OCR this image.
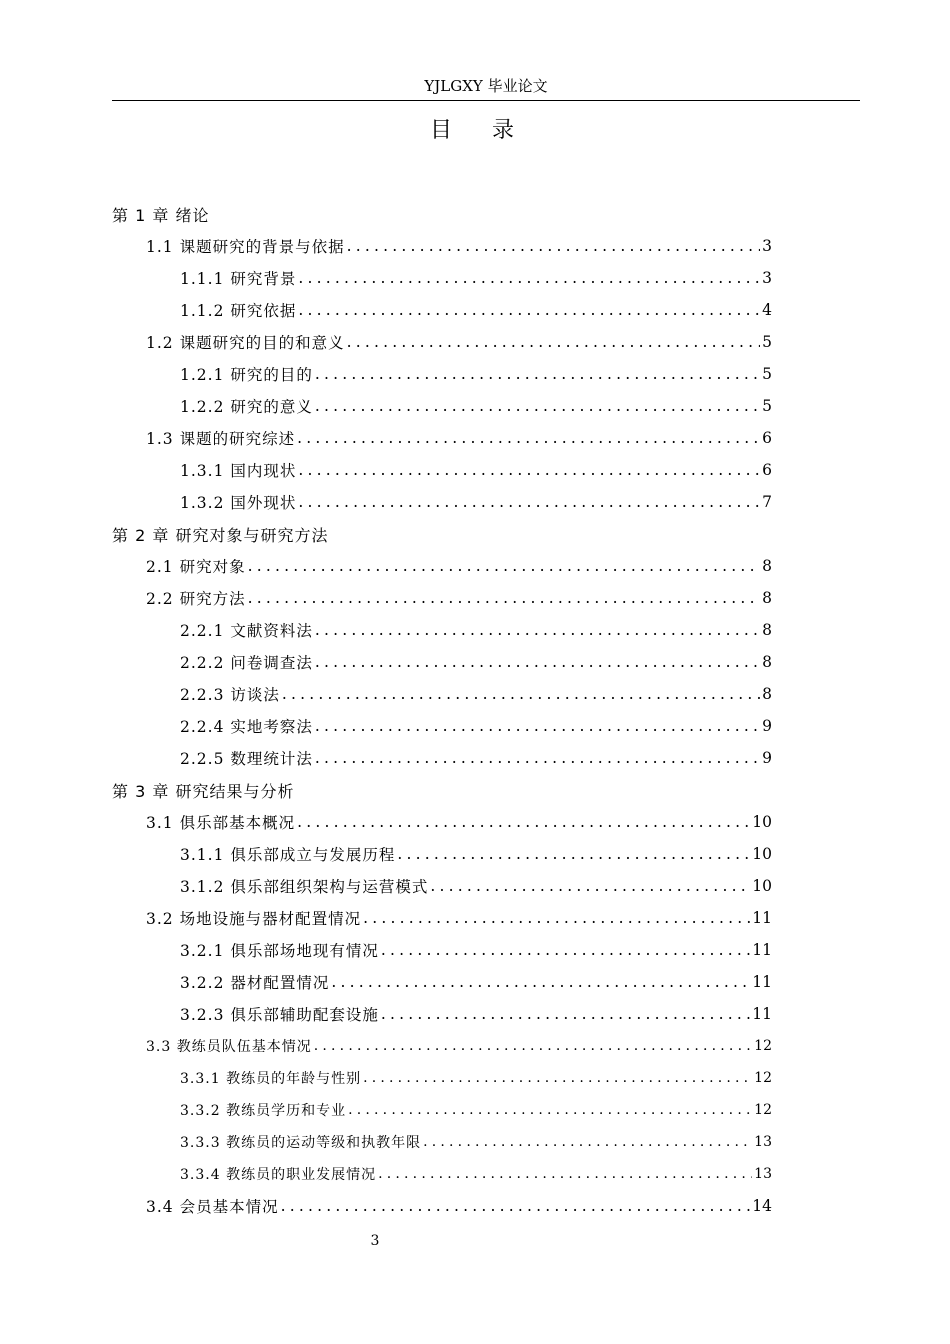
YJLGXY 毕业论文
目录
第 1 章 绪论
1.1 课题研究的背景与依据 .....	3
1.1.1 研究背景 .....	3
1.1.2 研究依据 .....	4
1.2 课题研究的目的和意义 .....	5
1.2.1 研究的目的 .....	5
1.2.2 研究的意义 .....	5
1.3 课题的研究综述 .....	6
1.3.1 国内现状 .....	6
1.3.2 国外现状 .....	7
第 2 章 研究对象与研究方法
2.1 研究对象 .....	8
2.2 研究方法 .....	8
2.2.1 文献资料法 .....	8
2.2.2 问卷调查法 .....	8
2.2.3 访谈法 .....	8
2.2.4 实地考察法 .....	9
2.2.5 数理统计法 .....	9
第 3 章 研究结果与分析
3.1 俱乐部基本概况 .....	10
3.1.1 俱乐部成立与发展历程 .....	10
3.1.2 俱乐部组织架构与运营模式 .....	10
3.2 场地设施与器材配置情况 .....	11
3.2.1 俱乐部场地现有情况 .....	11
3.2.2 器材配置情况 .....	11
3.2.3 俱乐部辅助配套设施 .....	11
3.3 教练员队伍基本情况 .....	12
3.3.1 教练员的年龄与性别 .....	12
3.3.2 教练员学历和专业 .....	12
3.3.3 教练员的运动等级和执教年限 .....	13
3.3.4 教练员的职业发展情况 .....	13
3.4 会员基本情况 .....	14
3
